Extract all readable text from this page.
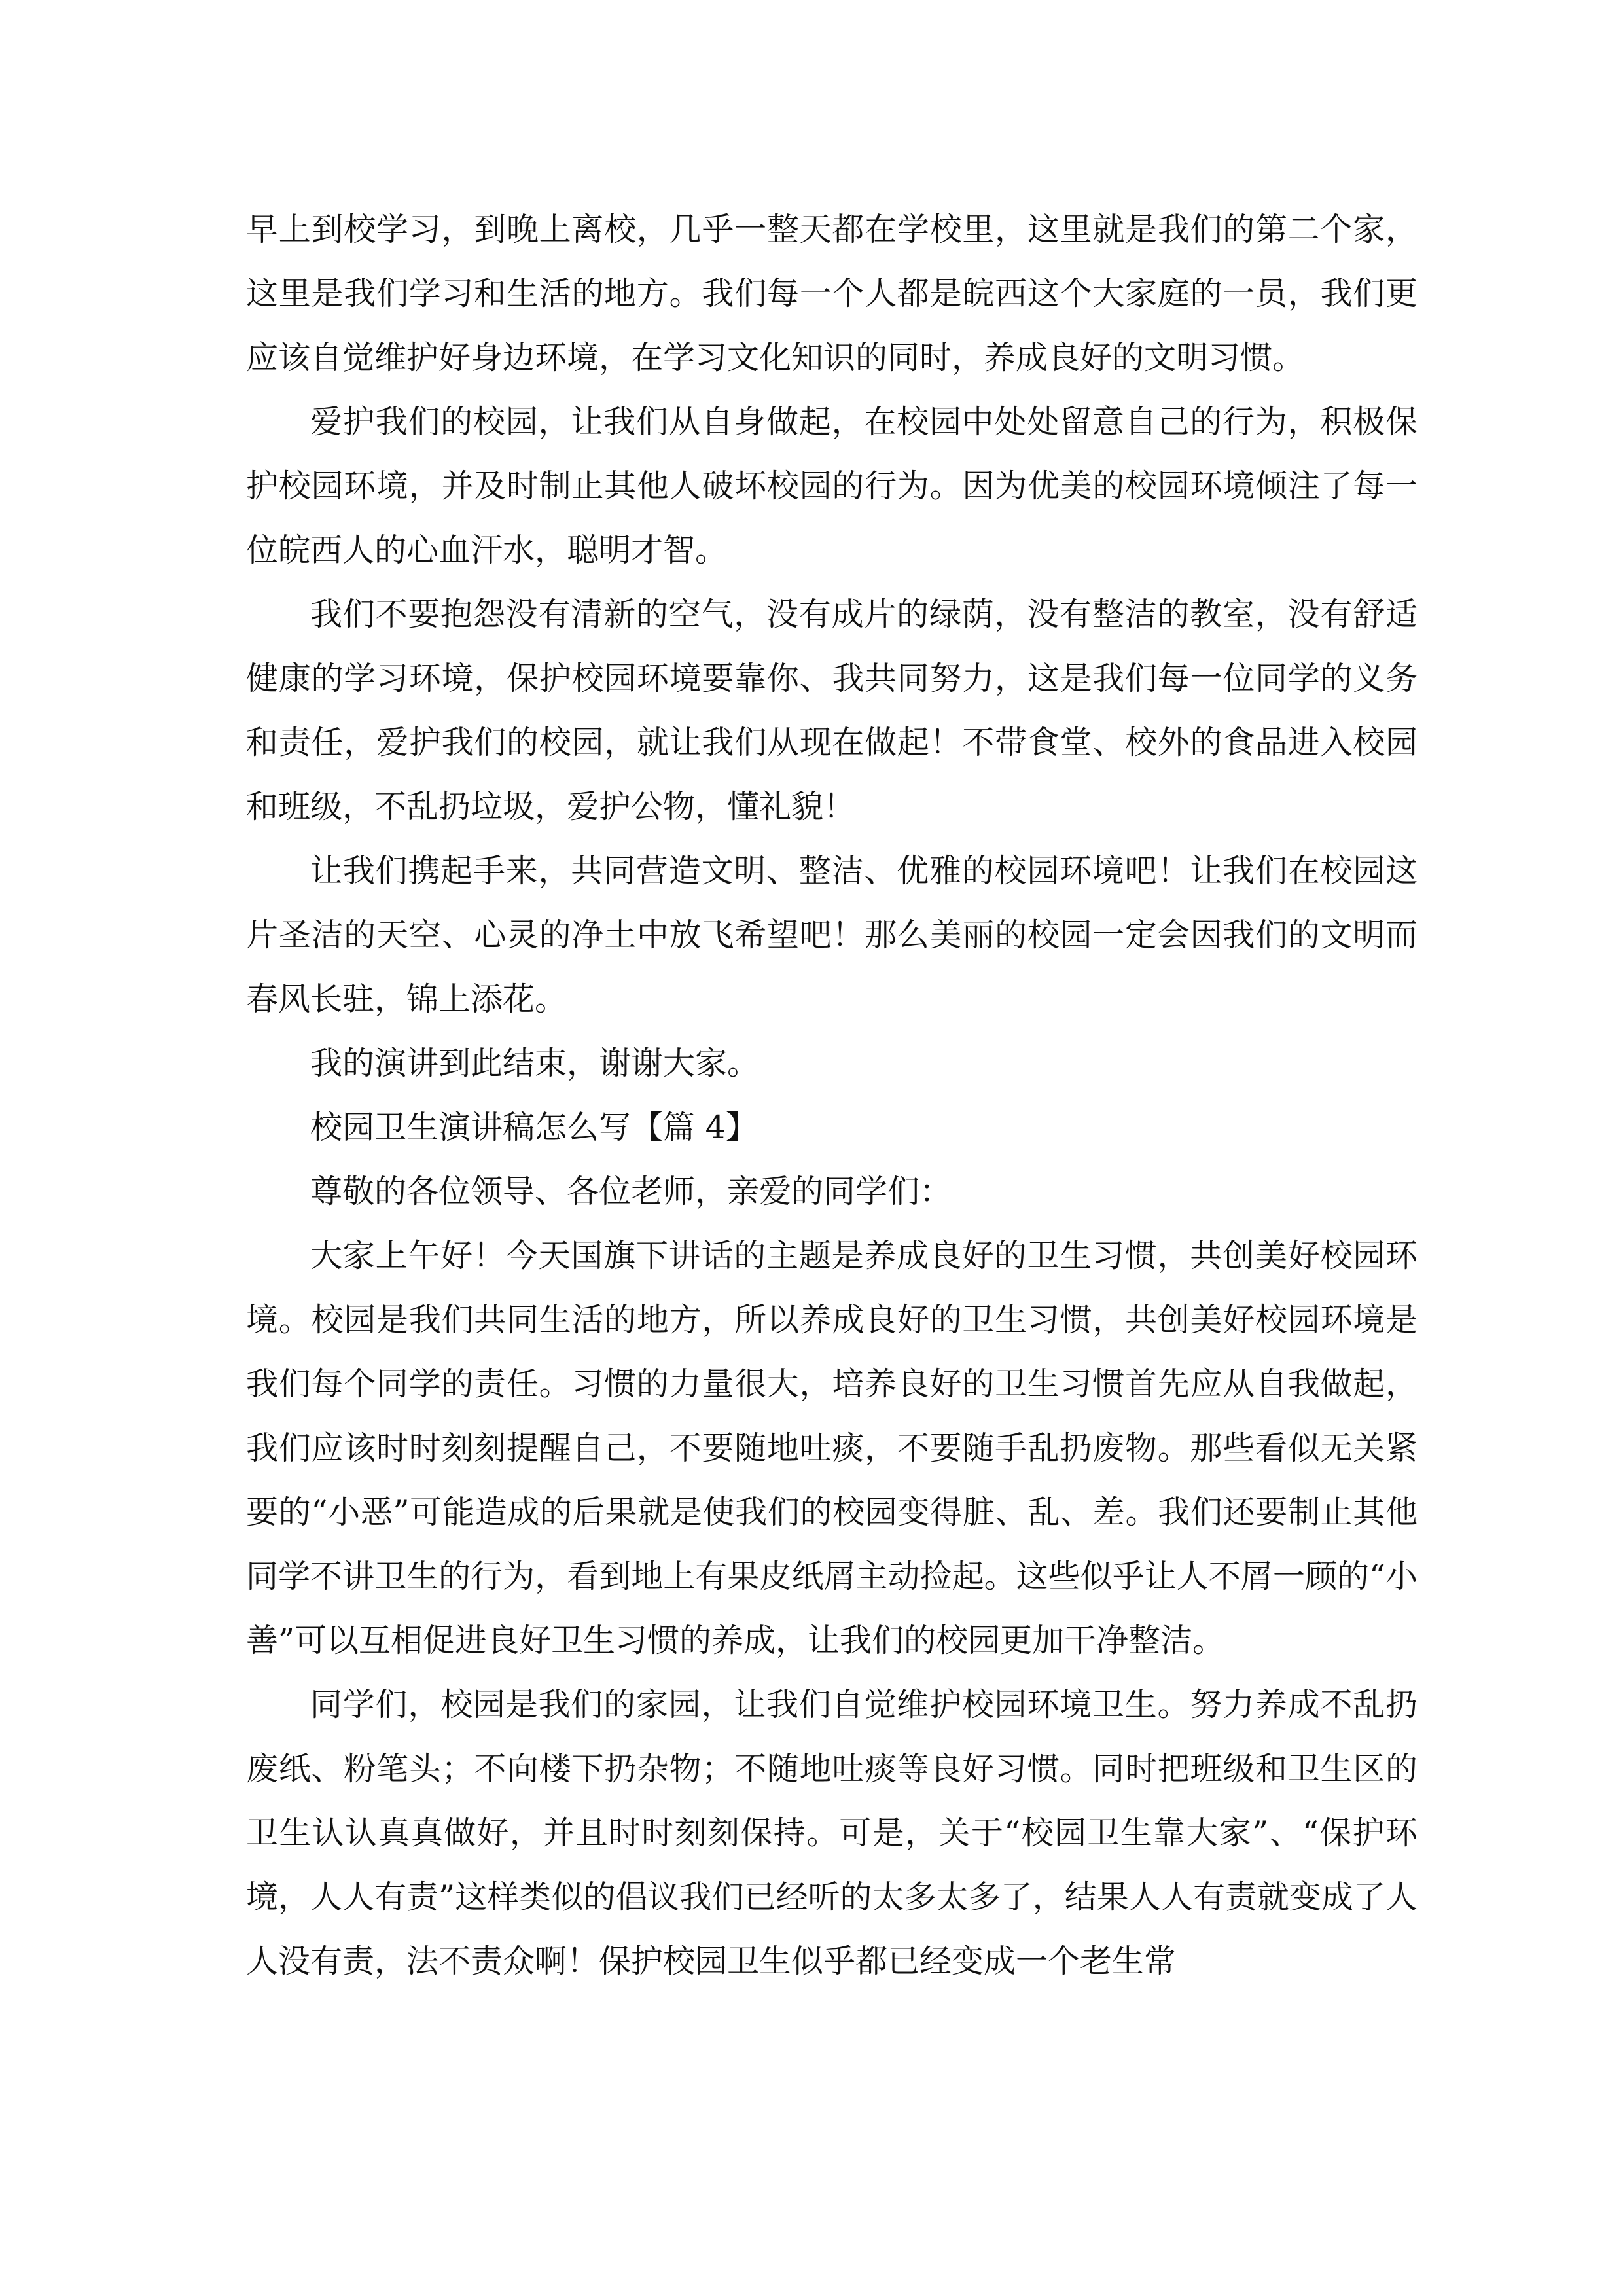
早上到校学习，到晚上离校，几乎一整天都在学校里，这里就是我们的第二个家，这里是我们学习和生活的地方。我们每一个人都是皖西这个大家庭的一员，我们更应该自觉维护好身边环境，在学习文化知识的同时，养成良好的文明习惯。

爱护我们的校园，让我们从自身做起，在校园中处处留意自己的行为，积极保护校园环境，并及时制止其他人破坏校园的行为。因为优美的校园环境倾注了每一位皖西人的心血汗水，聪明才智。

我们不要抱怨没有清新的空气，没有成片的绿荫，没有整洁的教室，没有舒适健康的学习环境，保护校园环境要靠你、我共同努力，这是我们每一位同学的义务和责任，爱护我们的校园，就让我们从现在做起！不带食堂、校外的食品进入校园和班级，不乱扔垃圾，爱护公物，懂礼貌！

让我们携起手来，共同营造文明、整洁、优雅的校园环境吧！让我们在校园这片圣洁的天空、心灵的净土中放飞希望吧！那么美丽的校园一定会因我们的文明而春风长驻，锦上添花。

我的演讲到此结束，谢谢大家。

校园卫生演讲稿怎么写【篇 4】

尊敬的各位领导、各位老师，亲爱的同学们：

大家上午好！今天国旗下讲话的主题是养成良好的卫生习惯，共创美好校园环境。校园是我们共同生活的地方，所以养成良好的卫生习惯，共创美好校园环境是我们每个同学的责任。习惯的力量很大，培养良好的卫生习惯首先应从自我做起，我们应该时时刻刻提醒自己，不要随地吐痰，不要随手乱扔废物。那些看似无关紧要的“小恶”可能造成的后果就是使我们的校园变得脏、乱、差。我们还要制止其他同学不讲卫生的行为，看到地上有果皮纸屑主动捡起。这些似乎让人不屑一顾的“小善”可以互相促进良好卫生习惯的养成，让我们的校园更加干净整洁。

同学们，校园是我们的家园，让我们自觉维护校园环境卫生。努力养成不乱扔废纸、粉笔头；不向楼下扔杂物；不随地吐痰等良好习惯。同时把班级和卫生区的卫生认认真真做好，并且时时刻刻保持。可是，关于“校园卫生靠大家”、“保护环境，人人有责”这样类似的倡议我们已经听的太多太多了，结果人人有责就变成了人人没有责，法不责众啊！保护校园卫生似乎都已经变成一个老生常
